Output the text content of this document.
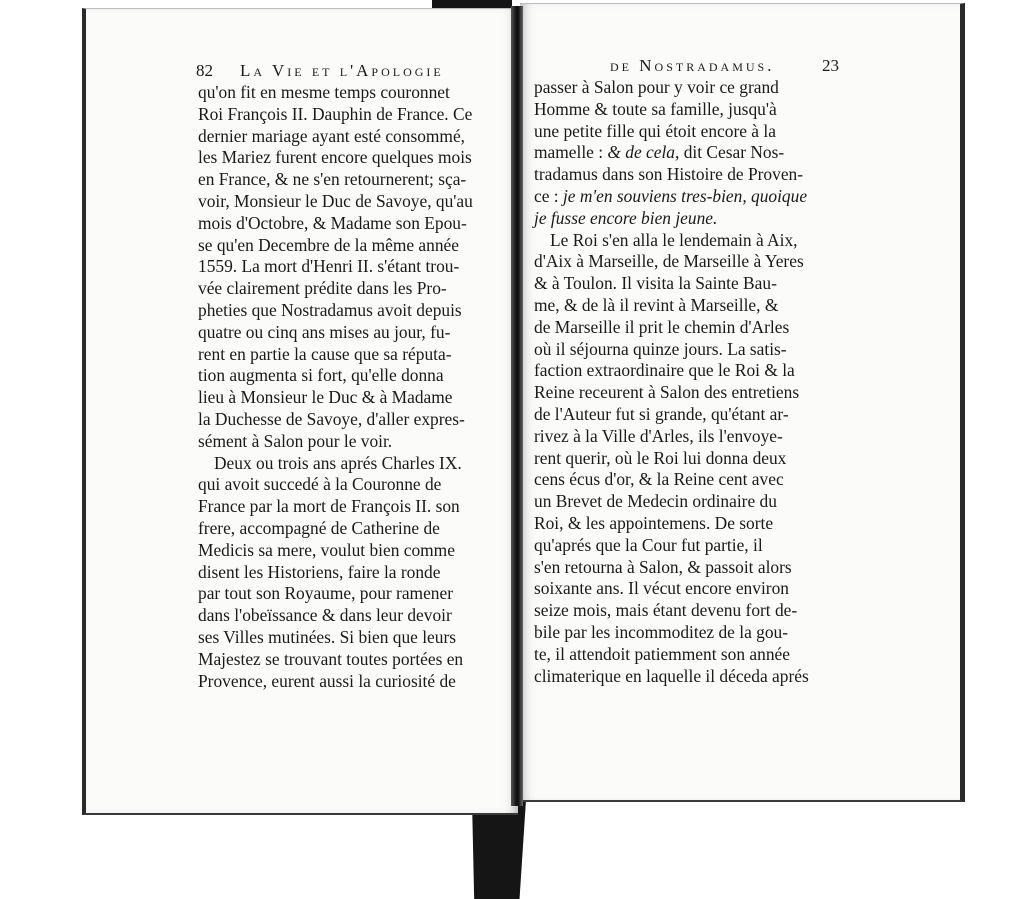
82 La Vie et l'Apologie	de Nostradamus.	23
qu'on fit en mesme temps couronnet
Roi François II. Dauphin de France. Ce
dernier mariage ayant esté consommé,
les Mariez furent encore quelques mois
en France, & ne s'en retournerent; sça-
voir, Monsieur le Duc de Savoye, qu'au
mois d'Octobre, & Madame son Epou-
se qu'en Decembre de la même année
1559. La mort d'Henri II. s'étant trou-
vée clairement prédite dans les Pro-
pheties que Nostradamus avoit depuis
quatre ou cinq ans mises au jour, fu-
rent en partie la cause que sa réputa-
tion augmenta si fort, qu'elle donna
lieu à Monsieur le Duc & à Madame
la Duchesse de Savoye, d'aller expres-
sément à Salon pour le voir.
Deux ou trois ans aprés Charles IX.
qui avoit succedé à la Couronne de
France par la mort de François II. son
frere, accompagné de Catherine de
Medicis sa mere, voulut bien comme
disent les Historiens, faire la ronde
par tout son Royaume, pour ramener
dans l'obeïssance & dans leur devoir
ses Villes mutinées. Si bien que leurs
Majestez se trouvant toutes portées en
Provence, eurent aussi la curiosité de
passer à Salon pour y voir ce grand
Homme & toute sa famille, jusqu'à
une petite fille qui étoit encore à la
mamelle : & de cela, dit Cesar Nos-
tradamus dans son Histoire de Proven-
ce : je m'en souviens tres-bien, quoique
je fusse encore bien jeune.
Le Roi s'en alla le lendemain à Aix,
d'Aix à Marseille, de Marseille à Yeres
& à Toulon. Il visita la Sainte Bau-
me, & de là il revint à Marseille, &
de Marseille il prit le chemin d'Arles
où il séjourna quinze jours. La satis-
faction extraordinaire que le Roi & la
Reine receurent à Salon des entretiens
de l'Auteur fut si grande, qu'étant ar-
rivez à la Ville d'Arles, ils l'envoye-
rent querir, où le Roi lui donna deux
cens écus d'or, & la Reine cent avec
un Brevet de Medecin ordinaire du
Roi, & les appointemens. De sorte
qu'aprés que la Cour fut partie, il
s'en retourna à Salon, & passoit alors
soixante ans. Il vécut encore environ
seize mois, mais étant devenu fort de-
bile par les incommoditez de la gou-
te, il attendoit patiemment son année
climaterique en laquelle il déceda aprés
